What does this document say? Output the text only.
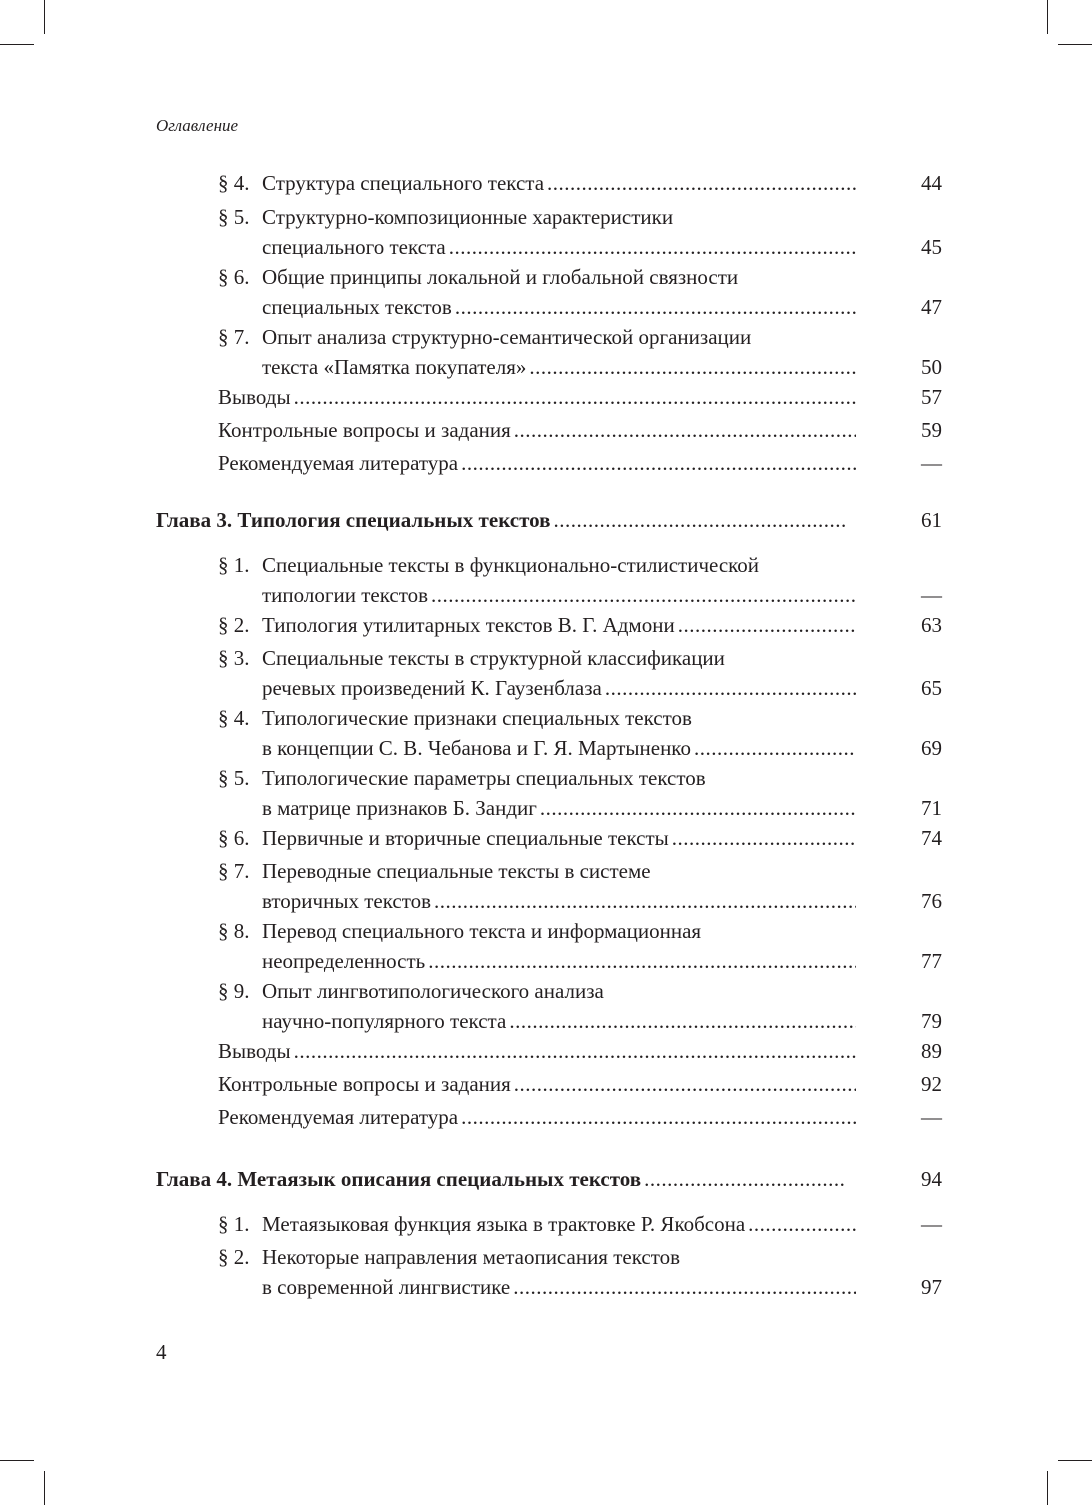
Оглавление
§ 4. Структура специального текста .....	44
§ 5. Структурно-композиционные характеристики
специального текста .....	45
§ 6. Общие принципы локальной и глобальной связности
специальных текстов .....	47
§ 7. Опыт анализа структурно-семантической организации
текста «Памятка покупателя» .....	50
Выводы .....	57
Контрольные вопросы и задания .....	59
Рекомендуемая литература .....	—
Глава 3. Типология специальных текстов .....	61
§ 1. Специальные тексты в функционально-стилистической
типологии текстов .....	—
§ 2. Типология утилитарных текстов В. Г. Адмони .....	63
§ 3. Специальные тексты в структурной классификации
речевых произведений К. Гаузенблаза .....	65
§ 4. Типологические признаки специальных текстов
в концепции С. В. Чебанова и Г. Я. Мартыненко .....	69
§ 5. Типологические параметры специальных текстов
в матрице признаков Б. Зандиг .....	71
§ 6. Первичные и вторичные специальные тексты .....	74
§ 7. Переводные специальные тексты в системе
вторичных текстов .....	76
§ 8. Перевод специального текста и информационная
неопределенность .....	77
§ 9. Опыт лингвотипологического анализа
научно-популярного текста .....	79
Выводы .....	89
Контрольные вопросы и задания .....	92
Рекомендуемая литература .....	—
Глава 4. Метаязык описания специальных текстов .....	94
§ 1. Метаязыковая функция языка в трактовке Р. Якобсона .....	—
§ 2. Некоторые направления метаописания текстов
в современной лингвистике .....	97
4
